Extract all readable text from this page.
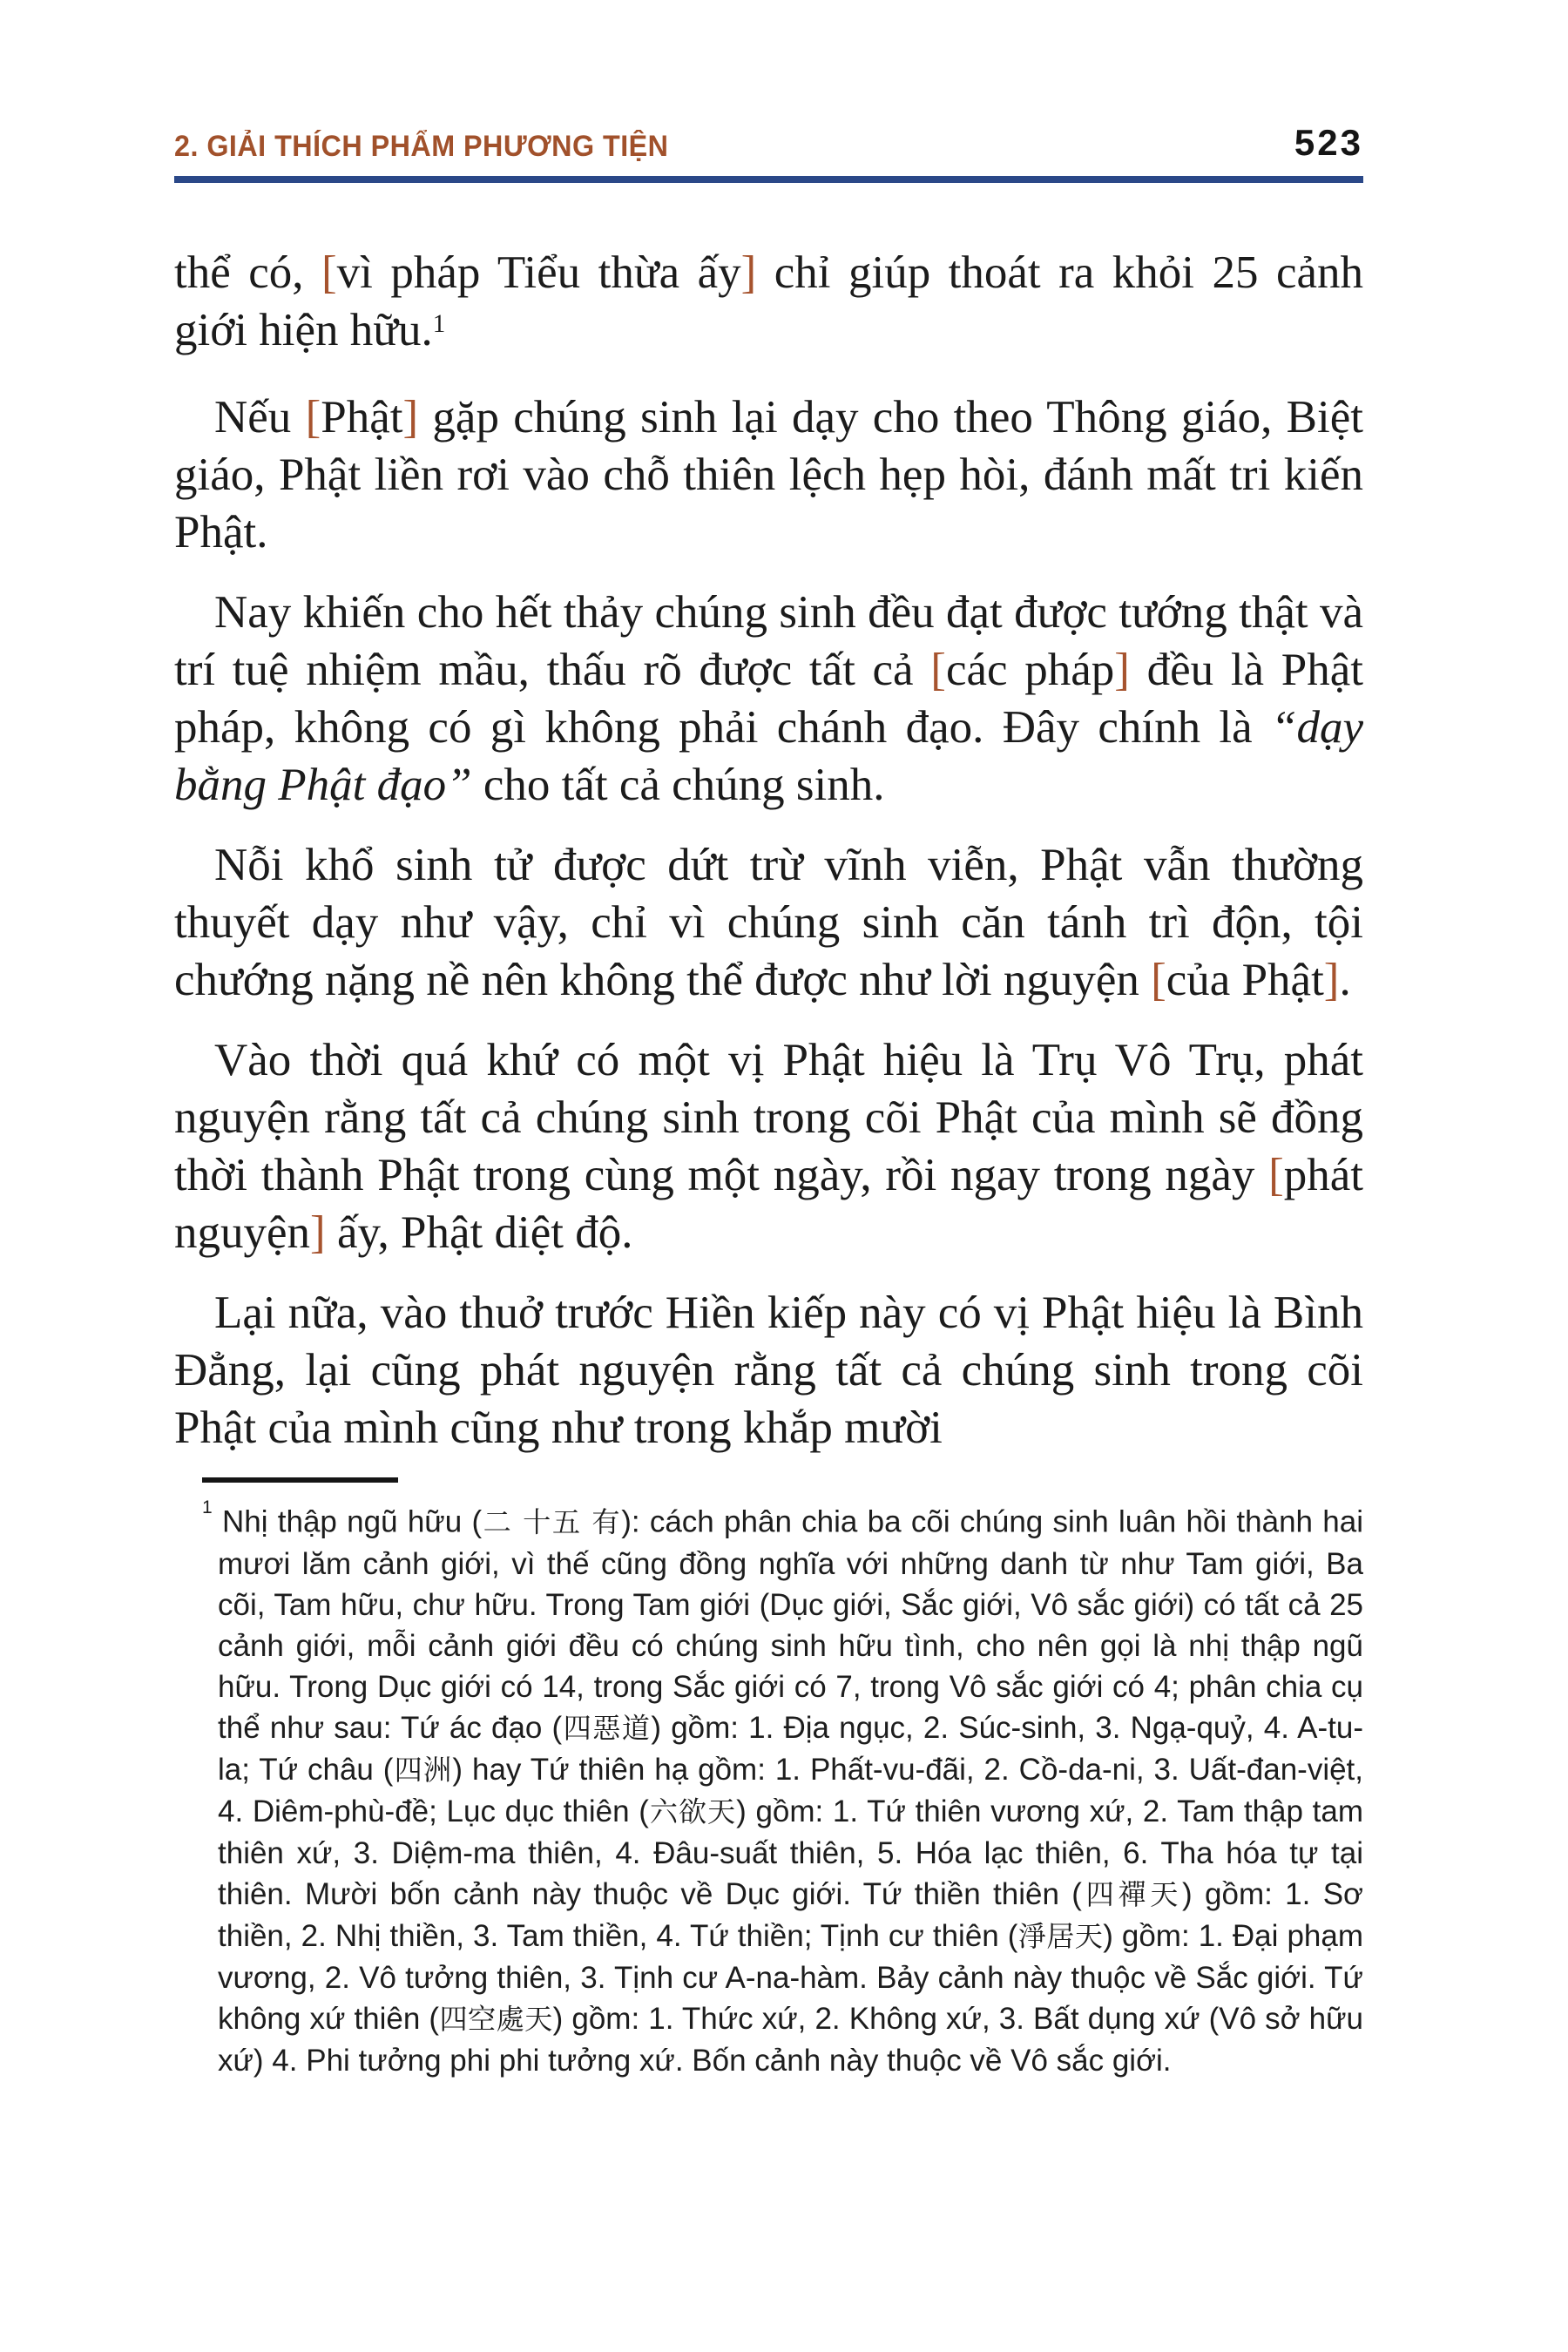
2. GIẢI THÍCH PHẨM PHƯƠNG TIỆN	523

thể có, [vì pháp Tiểu thừa ấy] chỉ giúp thoát ra khỏi 25 cảnh giới hiện hữu.$^1$

Nếu [Phật] gặp chúng sinh lại dạy cho theo Thông giáo, Biệt giáo, Phật liền rơi vào chỗ thiên lệch hẹp hòi, đánh mất tri kiến Phật.

Nay khiến cho hết thảy chúng sinh đều đạt được tướng thật và trí tuệ nhiệm mầu, thấu rõ được tất cả [các pháp] đều là Phật pháp, không có gì không phải chánh đạo. Đây chính là “dạy bằng Phật đạo” cho tất cả chúng sinh.

Nỗi khổ sinh tử được dứt trừ vĩnh viễn, Phật vẫn thường thuyết dạy như vậy, chỉ vì chúng sinh căn tánh trì độn, tội chướng nặng nề nên không thể được như lời nguyện [của Phật].

Vào thời quá khứ có một vị Phật hiệu là Trụ Vô Trụ, phát nguyện rằng tất cả chúng sinh trong cõi Phật của mình sẽ đồng thời thành Phật trong cùng một ngày, rồi ngay trong ngày [phát nguyện] ấy, Phật diệt độ.

Lại nữa, vào thuở trước Hiền kiếp này có vị Phật hiệu là Bình Đẳng, lại cũng phát nguyện rằng tất cả chúng sinh trong cõi Phật của mình cũng như trong khắp mười

$^1$ Nhị thập ngũ hữu (二 十五 有): cách phân chia ba cõi chúng sinh luân hồi thành hai mươi lăm cảnh giới, vì thế cũng đồng nghĩa với những danh từ như Tam giới, Ba cõi, Tam hữu, chư hữu. Trong Tam giới (Dục giới, Sắc giới, Vô sắc giới) có tất cả 25 cảnh giới, mỗi cảnh giới đều có chúng sinh hữu tình, cho nên gọi là nhị thập ngũ hữu. Trong Dục giới có 14, trong Sắc giới có 7, trong Vô sắc giới có 4; phân chia cụ thể như sau: Tứ ác đạo (四惡道) gồm: 1. Địa ngục, 2. Súc-sinh, 3. Ngạ-quỷ, 4. A-tu-la; Tứ châu (四洲) hay Tứ thiên hạ gồm: 1. Phất-vu-đãi, 2. Cồ-da-ni, 3. Uất-đan-việt, 4. Diêm-phù-đề; Lục dục thiên (六欲天) gồm: 1. Tứ thiên vương xứ, 2. Tam thập tam thiên xứ, 3. Diệm-ma thiên, 4. Đâu-suất thiên, 5. Hóa lạc thiên, 6. Tha hóa tự tại thiên. Mười bốn cảnh này thuộc về Dục giới. Tứ thiền thiên (四禪天) gồm: 1. Sơ thiền, 2. Nhị thiền, 3. Tam thiền, 4. Tứ thiền; Tịnh cư thiên (淨居天) gồm: 1. Đại phạm vương, 2. Vô tưởng thiên, 3. Tịnh cư A-na-hàm. Bảy cảnh này thuộc về Sắc giới. Tứ không xứ thiên (四空處天) gồm: 1. Thức xứ, 2. Không xứ, 3. Bất dụng xứ (Vô sở hữu xứ) 4. Phi tưởng phi phi tưởng xứ. Bốn cảnh này thuộc về Vô sắc giới.
